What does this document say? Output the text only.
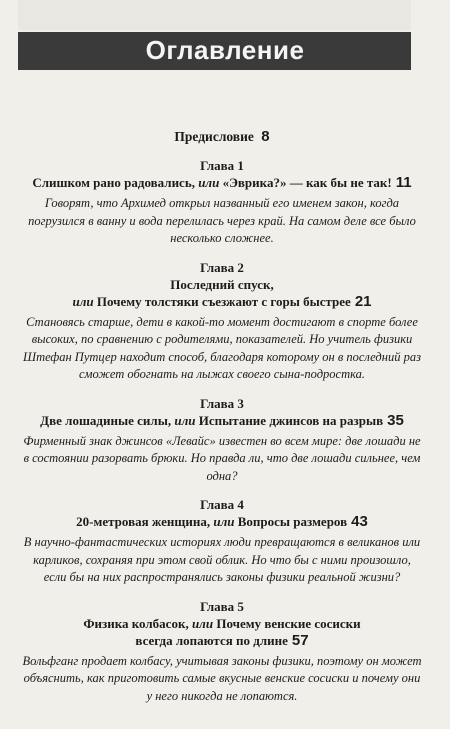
Оглавление
Предисловие 8
Глава 1
Слишком рано радовались, или «Эврика?» — как бы не так! 11
Говорят, что Архимед открыл названный его именем закон, когда погрузился в ванну и вода перелилась через край. На самом деле все было несколько сложнее.
Глава 2
Последний спуск,
или Почему толстяки съезжают с горы быстрее 21
Становясь старше, дети в какой-то момент достигают в спорте более высоких, по сравнению с родителями, показателей. Но учитель физики Штефан Путцер находит способ, благодаря которому он в последний раз сможет обогнать на лыжах своего сына-подростка.
Глава 3
Две лошадиные силы, или Испытание джинсов на разрыв 35
Фирменный знак джинсов «Левайс» известен во всем мире: две лошади не в состоянии разорвать брюки. Но правда ли, что две лошади сильнее, чем одна?
Глава 4
20-метровая женщина, или Вопросы размеров 43
В научно-фантастических историях люди превращаются в великанов или карликов, сохраняя при этом свой облик. Но что бы с ними произошло, если бы на них распространялись законы физики реальной жизни?
Глава 5
Физика колбасок, или Почему венские сосиски
всегда лопаются по длине 57
Вольфганг продает колбасу, учитывая законы физики, поэтому он может объяснить, как приготовить самые вкусные венские сосиски и почему они у него никогда не лопаются.
